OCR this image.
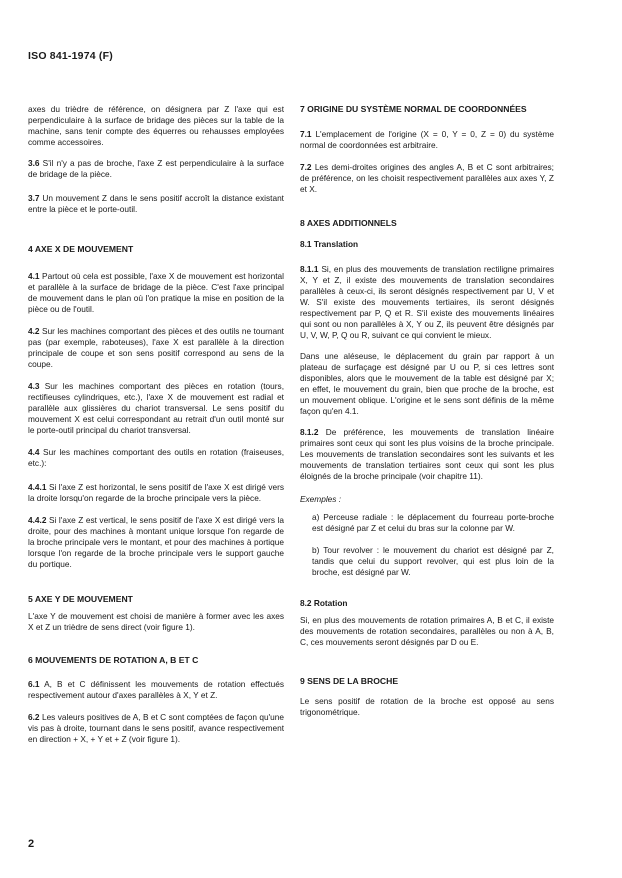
ISO 841-1974 (F)

axes du trièdre de référence, on désignera par Z l'axe qui est perpendiculaire à la surface de bridage des pièces sur la table de la machine, sans tenir compte des équerres ou rehausses employées comme accessoires.

3.6 S'il n'y a pas de broche, l'axe Z est perpendiculaire à la surface de bridage de la pièce.

3.7 Un mouvement Z dans le sens positif accroît la distance existant entre la pièce et le porte-outil.

4 AXE X DE MOUVEMENT

4.1 Partout où cela est possible, l'axe X de mouvement est horizontal et parallèle à la surface de bridage de la pièce. C'est l'axe principal de mouvement dans le plan où l'on pratique la mise en position de la pièce ou de l'outil.

4.2 Sur les machines comportant des pièces et des outils ne tournant pas (par exemple, raboteuses), l'axe X est parallèle à la direction principale de coupe et son sens positif correspond au sens de la coupe.

4.3 Sur les machines comportant des pièces en rotation (tours, rectifieuses cylindriques, etc.), l'axe X de mouvement est radial et parallèle aux glissières du chariot transversal. Le sens positif du mouvement X est celui correspondant au retrait d'un outil monté sur le porte-outil principal du chariot transversal.

4.4 Sur les machines comportant des outils en rotation (fraiseuses, etc.):

4.4.1 Si l'axe Z est horizontal, le sens positif de l'axe X est dirigé vers la droite lorsqu'on regarde de la broche principale vers la pièce.

4.4.2 Si l'axe Z est vertical, le sens positif de l'axe X est dirigé vers la droite, pour des machines à montant unique lorsque l'on regarde de la broche principale vers le montant, et pour des machines à portique lorsque l'on regarde de la broche principale vers le support gauche du portique.

5 AXE Y DE MOUVEMENT

L'axe Y de mouvement est choisi de manière à former avec les axes X et Z un trièdre de sens direct (voir figure 1).

6 MOUVEMENTS DE ROTATION A, B ET C

6.1 A, B et C définissent les mouvements de rotation effectués respectivement autour d'axes parallèles à X, Y et Z.

6.2 Les valeurs positives de A, B et C sont comptées de façon qu'une vis pas à droite, tournant dans le sens positif, avance respectivement en direction + X, + Y et + Z (voir figure 1).

7 ORIGINE DU SYSTÈME NORMAL DE COORDONNÉES

7.1 L'emplacement de l'origine (X = 0, Y = 0, Z = 0) du système normal de coordonnées est arbitraire.

7.2 Les demi-droites origines des angles A, B et C sont arbitraires; de préférence, on les choisit respectivement parallèles aux axes Y, Z et X.

8 AXES ADDITIONNELS
8.1 Translation

8.1.1 Si, en plus des mouvements de translation rectiligne primaires X, Y et Z, il existe des mouvements de translation secondaires parallèles à ceux-ci, ils seront désignés respectivement par U, V et W. S'il existe des mouvements tertiaires, ils seront désignés respectivement par P, Q et R. S'il existe des mouvements linéaires qui sont ou non parallèles à X, Y ou Z, ils peuvent être désignés par U, V, W, P, Q ou R, suivant ce qui convient le mieux.

Dans une aléseuse, le déplacement du grain par rapport à un plateau de surfaçage est désigné par U ou P, si ces lettres sont disponibles, alors que le mouvement de la table est désigné par X; en effet, le mouvement du grain, bien que proche de la broche, est un mouvement oblique. L'origine et le sens sont définis de la même façon qu'en 4.1.

8.1.2 De préférence, les mouvements de translation linéaire primaires sont ceux qui sont les plus voisins de la broche principale. Les mouvements de translation secondaires sont les suivants et les mouvements de translation tertiaires sont ceux qui sont les plus éloignés de la broche principale (voir chapitre 11).

Exemples :

a) Perceuse radiale : le déplacement du fourreau porte-broche est désigné par Z et celui du bras sur la colonne par W.

b) Tour revolver : le mouvement du chariot est désigné par Z, tandis que celui du support revolver, qui est plus loin de la broche, est désigné par W.

8.2 Rotation

Si, en plus des mouvements de rotation primaires A, B et C, il existe des mouvements de rotation secondaires, parallèles ou non à A, B, C, ces mouvements seront désignés par D ou E.

9 SENS DE LA BROCHE

Le sens positif de rotation de la broche est opposé au sens trigonométrique.

2
